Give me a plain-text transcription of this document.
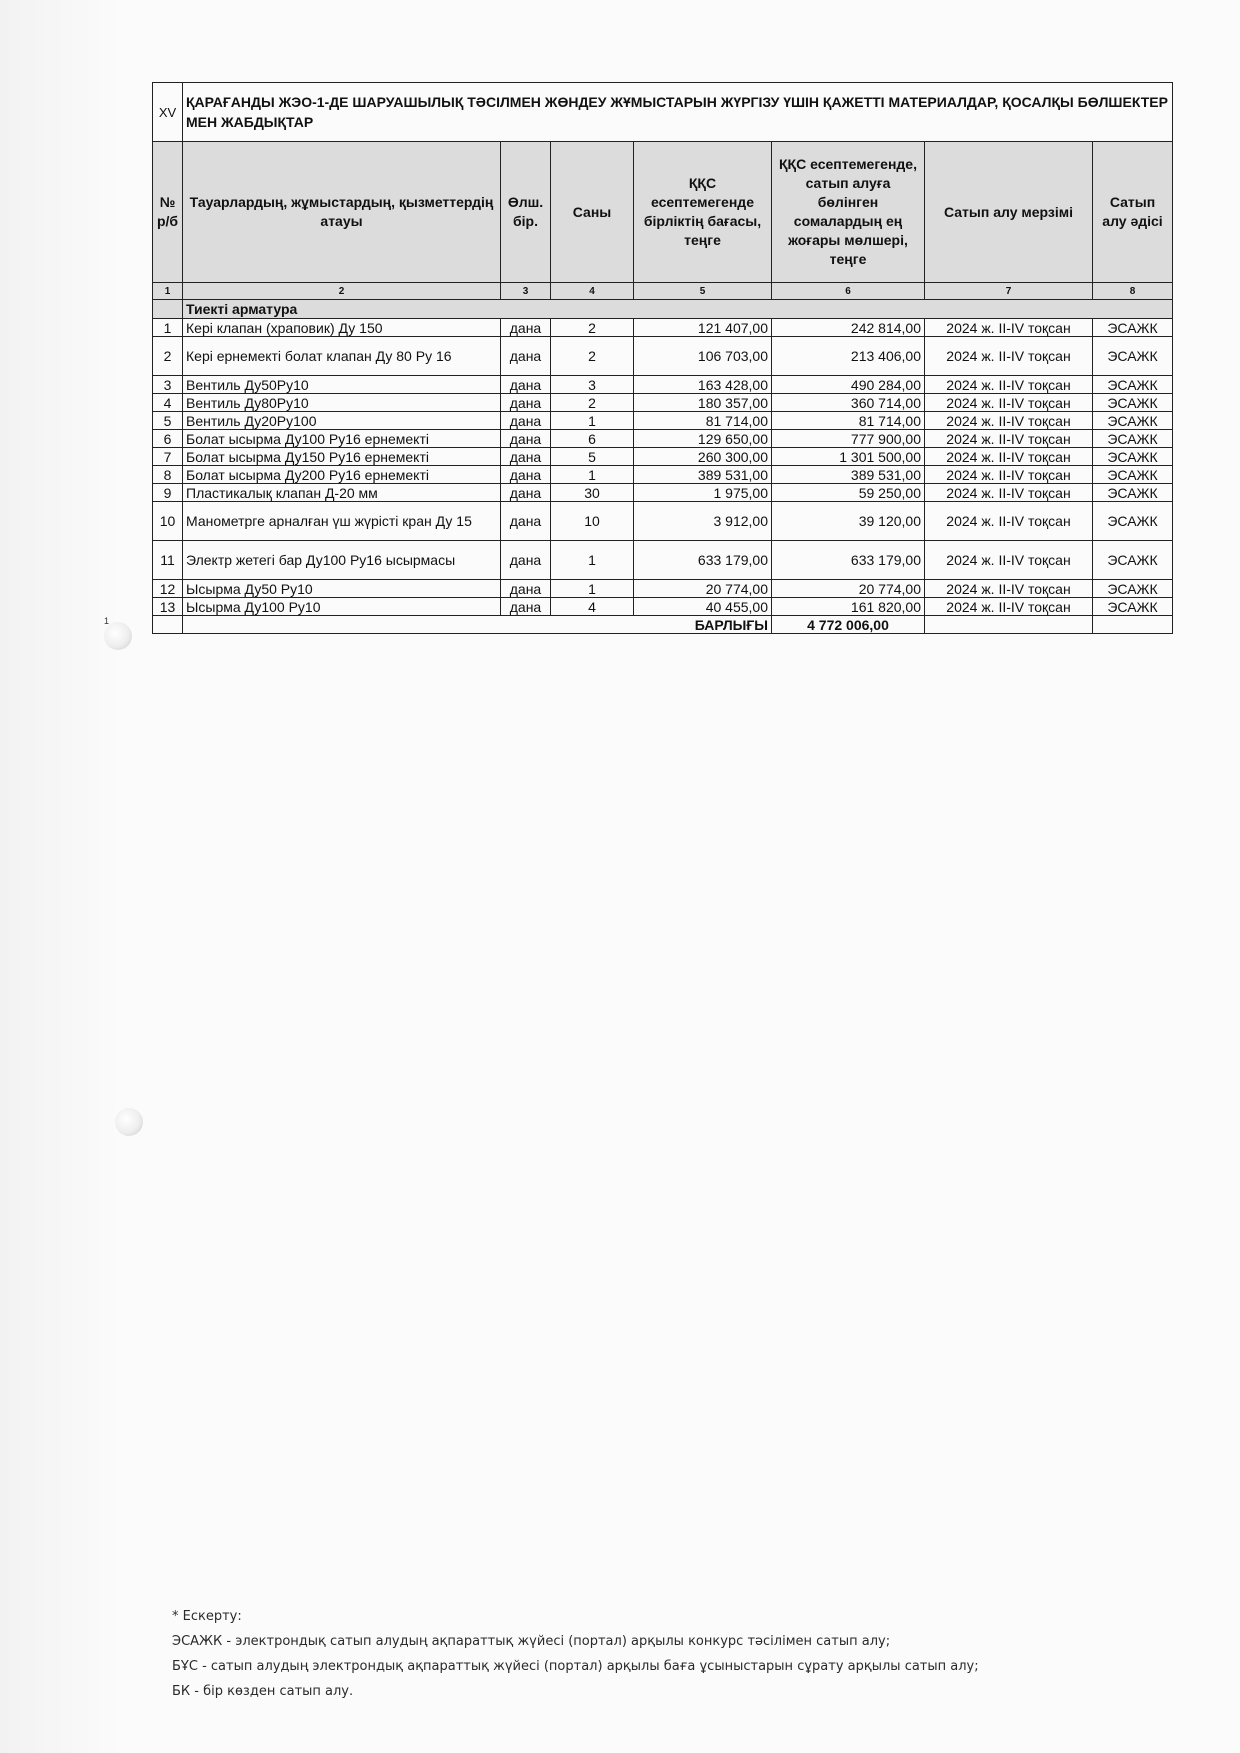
1
XV	ҚАРАҒАНДЫ ЖЭО-1-ДЕ ШАРУАШЫЛЫҚ ТӘСІЛМЕН ЖӨНДЕУ ЖҰМЫСТАРЫН ЖҮРГІЗУ ҮШІН ҚАЖЕТТІ МАТЕРИАЛДАР, ҚОСАЛҚЫ БӨЛШЕКТЕР МЕН ЖАБДЫҚТАР						
№ р/б	Тауарлардың, жұмыстардың, қызметтердің атауы	Өлш. бір.	Саны	ҚҚС есептемегенде бірліктің бағасы, теңге	ҚҚС есептемегенде, сатып алуға бөлінген сомалардың ең жоғары мөлшері, теңге	Сатып алу мерзімі	Сатып алу әдісі
1	2	3	4	5	6	7	8
	Тиекті арматура						
1	Кері клапан (храповик) Ду 150	дана	2	121 407,00	242 814,00	2024 ж. II-IV тоқсан	ЭСАЖК
2	Кері ернемекті болат клапан Ду 80 Ру 16	дана	2	106 703,00	213 406,00	2024 ж. II-IV тоқсан	ЭСАЖК
3	Вентиль Ду50Ру10	дана	3	163 428,00	490 284,00	2024 ж. II-IV тоқсан	ЭСАЖК
4	Вентиль Ду80Ру10	дана	2	180 357,00	360 714,00	2024 ж. II-IV тоқсан	ЭСАЖК
5	Вентиль Ду20Ру100	дана	1	81 714,00	81 714,00	2024 ж. II-IV тоқсан	ЭСАЖК
6	Болат ысырма Ду100 Ру16 ернемекті	дана	6	129 650,00	777 900,00	2024 ж. II-IV тоқсан	ЭСАЖК
7	Болат ысырма Ду150 Ру16 ернемекті	дана	5	260 300,00	1 301 500,00	2024 ж. II-IV тоқсан	ЭСАЖК
8	Болат ысырма Ду200 Ру16 ернемекті	дана	1	389 531,00	389 531,00	2024 ж. II-IV тоқсан	ЭСАЖК
9	Пластикалық клапан Д-20 мм	дана	30	1 975,00	59 250,00	2024 ж. II-IV тоқсан	ЭСАЖК
10	Манометрге арналған үш жүрісті кран Ду 15	дана	10	3 912,00	39 120,00	2024 ж. II-IV тоқсан	ЭСАЖК
11	Электр жетегі бар Ду100 Ру16 ысырмасы	дана	1	633 179,00	633 179,00	2024 ж. II-IV тоқсан	ЭСАЖК
12	Ысырма Ду50 Ру10	дана	1	20 774,00	20 774,00	2024 ж. II-IV тоқсан	ЭСАЖК
13	Ысырма Ду100 Ру10	дана	4	40 455,00	161 820,00	2024 ж. II-IV тоқсан	ЭСАЖК
	БАРЛЫҒЫ				4 772 006,00		

* Ескерту:

ЭСАЖК - электрондық сатып алудың ақпараттық жүйесі (портал) арқылы конкурс тәсілімен сатып алу;

БҰС - сатып алудың электрондық ақпараттық жүйесі (портал) арқылы баға ұсыныстарын сұрату арқылы сатып алу;

БК - бір көзден сатып алу.
